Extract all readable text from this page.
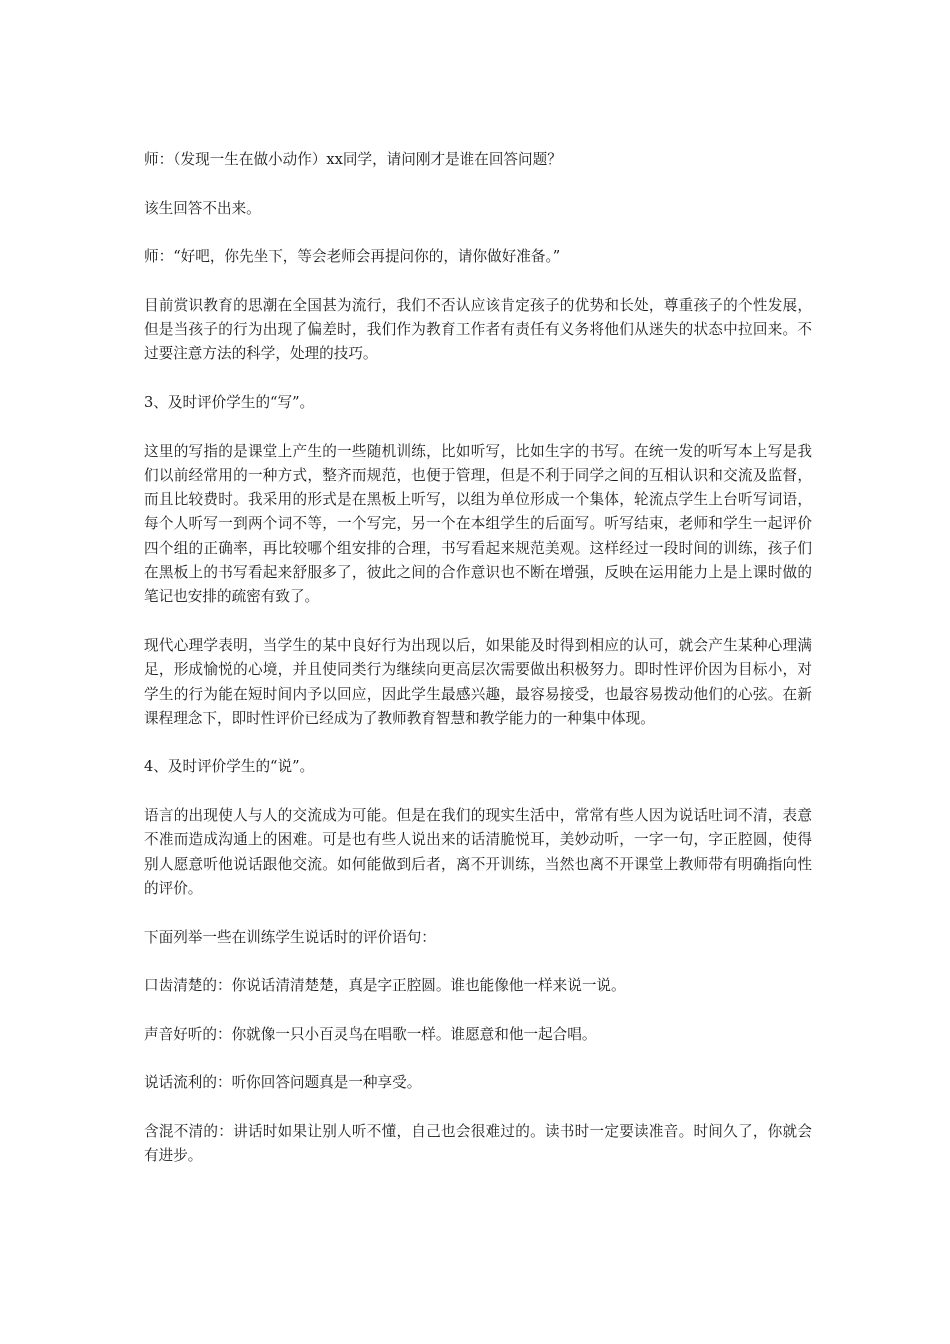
师：（发现一生在做小动作）xx同学，请问刚才是谁在回答问题？

该生回答不出来。

师：“好吧，你先坐下，等会老师会再提问你的，请你做好准备。”

目前赏识教育的思潮在全国甚为流行，我们不否认应该肯定孩子的优势和长处，尊重孩子的个性发展，但是当孩子的行为出现了偏差时，我们作为教育工作者有责任有义务将他们从迷失的状态中拉回来。不过要注意方法的科学，处理的技巧。

3、及时评价学生的“写”。

这里的写指的是课堂上产生的一些随机训练，比如听写，比如生字的书写。在统一发的听写本上写是我们以前经常用的一种方式，整齐而规范，也便于管理，但是不利于同学之间的互相认识和交流及监督，而且比较费时。我采用的形式是在黑板上听写，以组为单位形成一个集体，轮流点学生上台听写词语，每个人听写一到两个词不等，一个写完，另一个在本组学生的后面写。听写结束，老师和学生一起评价四个组的正确率，再比较哪个组安排的合理，书写看起来规范美观。这样经过一段时间的训练，孩子们在黑板上的书写看起来舒服多了，彼此之间的合作意识也不断在增强，反映在运用能力上是上课时做的笔记也安排的疏密有致了。

现代心理学表明，当学生的某中良好行为出现以后，如果能及时得到相应的认可，就会产生某种心理满足，形成愉悦的心境，并且使同类行为继续向更高层次需要做出积极努力。即时性评价因为目标小，对学生的行为能在短时间内予以回应，因此学生最感兴趣，最容易接受，也最容易拨动他们的心弦。在新课程理念下，即时性评价已经成为了教师教育智慧和教学能力的一种集中体现。

4、及时评价学生的“说”。

语言的出现使人与人的交流成为可能。但是在我们的现实生活中，常常有些人因为说话吐词不清，表意不准而造成沟通上的困难。可是也有些人说出来的话清脆悦耳，美妙动听，一字一句，字正腔圆，使得别人愿意听他说话跟他交流。如何能做到后者，离不开训练，当然也离不开课堂上教师带有明确指向性的评价。

下面列举一些在训练学生说话时的评价语句：

口齿清楚的：你说话清清楚楚，真是字正腔圆。谁也能像他一样来说一说。

声音好听的：你就像一只小百灵鸟在唱歌一样。谁愿意和他一起合唱。

说话流利的：听你回答问题真是一种享受。

含混不清的：讲话时如果让别人听不懂，自己也会很难过的。读书时一定要读准音。时间久了，你就会有进步。
